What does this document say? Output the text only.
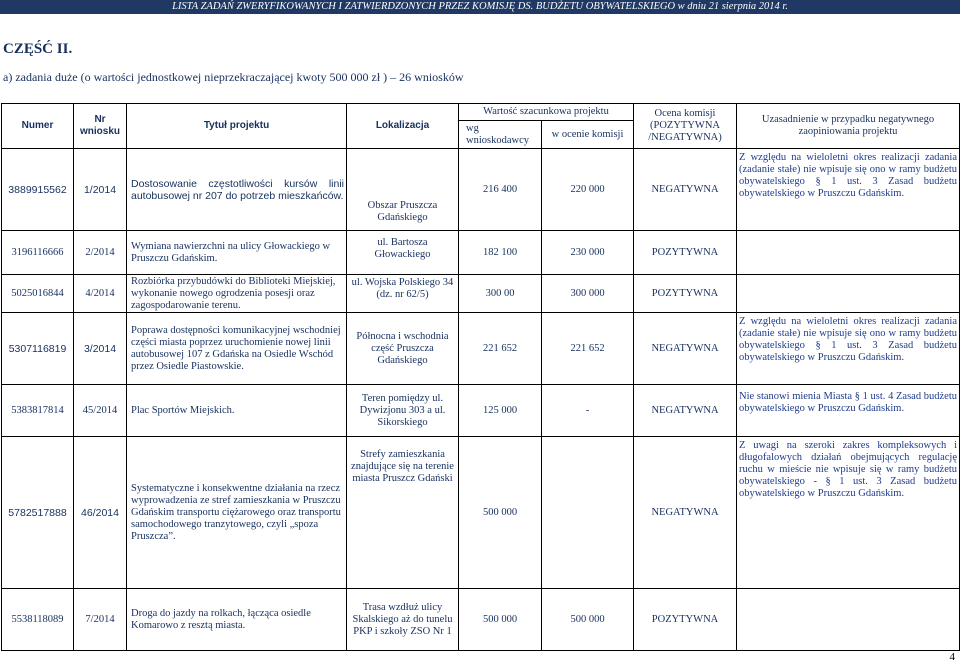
LISTA ZADAŃ ZWERYFIKOWANYCH I ZATWIERDZONYCH PRZEZ KOMISJĘ DS. BUDŻETU OBYWATELSKIEGO w dniu 21 sierpnia 2014 r.
CZĘŚĆ II.
a) zadania duże (o wartości jednostkowej nieprzekraczającej kwoty 500 000 zł ) – 26 wniosków
Numer	Nr wniosku	Tytuł projektu	Lokalizacja	Wartość szacunkowa projektu		Ocena komisji (POZYTYWNA /NEGATYWNA)	Uzasadnienie w przypadku negatywnego zaopiniowania projektu
				wg wnioskodawcy	w ocenie komisji		
3889915562	1/2014	Dostosowanie częstotliwości kursów linii autobusowej nr 207 do potrzeb mieszkańców.	Obszar Pruszcza Gdańskiego	216 400	220 000	NEGATYWNA	Z względu na wieloletni okres realizacji zadania (zadanie stałe) nie wpisuje się ono w ramy budżetu obywatelskiego § 1 ust. 3 Zasad budżetu obywatelskiego w Pruszczu Gdańskim.
3196116666	2/2014	Wymiana nawierzchni na ulicy Głowackiego w Pruszczu Gdańskim.	ul. Bartosza Głowackiego	182 100	230 000	POZYTYWNA	
5025016844	4/2014	Rozbiórka przybudówki do Biblioteki Miejskiej, wykonanie nowego ogrodzenia posesji oraz zagospodarowanie terenu.	ul. Wojska Polskiego 34 (dz. nr 62/5)	300 00	300 000	POZYTYWNA	
5307116819	3/2014	Poprawa dostępności komunikacyjnej wschodniej części miasta poprzez uruchomienie nowej linii autobusowej 107 z Gdańska na Osiedle Wschód przez Osiedle Piastowskie.	Północna i wschodnia część Pruszcza Gdańskiego	221 652	221 652	NEGATYWNA	Z względu na wieloletni okres realizacji zadania (zadanie stałe) nie wpisuje się ono w ramy budżetu obywatelskiego § 1 ust. 3 Zasad budżetu obywatelskiego w Pruszczu Gdańskim.
5383817814	45/2014	Plac Sportów Miejskich.	Teren pomiędzy ul. Dywizjonu 303 a ul. Sikorskiego	125 000	-	NEGATYWNA	Nie stanowi mienia Miasta § 1 ust. 4 Zasad budżetu obywatelskiego w Pruszczu Gdańskim.
5782517888	46/2014	Systematyczne i konsekwentne działania na rzecz wyprowadzenia ze stref zamieszkania w Pruszczu Gdańskim transportu ciężarowego oraz transportu samochodowego tranzytowego, czyli „spoza Pruszcza”.	Strefy zamieszkania znajdujące się na terenie miasta Pruszcz Gdański	500 000		NEGATYWNA	Z uwagi na szeroki zakres kompleksowych i długofalowych działań obejmujących regulację ruchu w mieście nie wpisuje się w ramy budżetu obywatelskiego - § 1 ust. 3 Zasad budżetu obywatelskiego w Pruszczu Gdańskim.
5538118089	7/2014	Droga do jazdy na rolkach, łącząca osiedle Komarowo z resztą miasta.	Trasa wzdłuż ulicy Skalskiego aż do tunelu PKP i szkoły ZSO Nr 1	500 000	500 000	POZYTYWNA	
4
